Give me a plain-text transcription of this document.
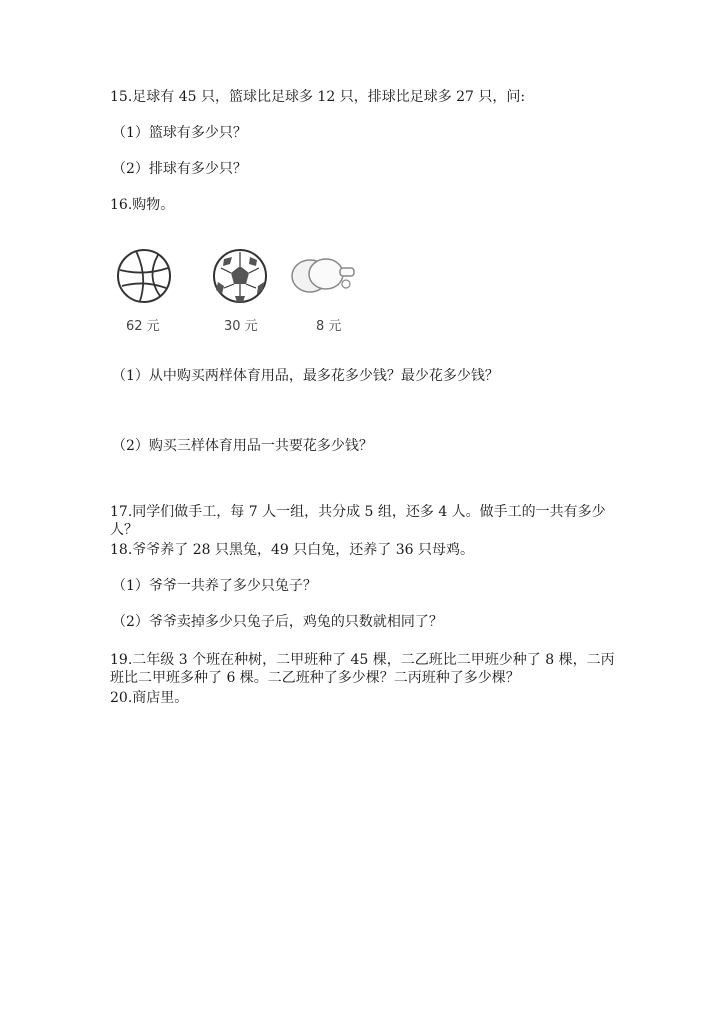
15.足球有 45 只，篮球比足球多 12 只，排球比足球多 27 只，问:
（1）篮球有多少只？
（2）排球有多少只？
16.购物。
62 元	30 元	8 元
（1）从中购买两样体育用品，最多花多少钱？最少花多少钱？
（2）购买三样体育用品一共要花多少钱？
17.同学们做手工，每 7 人一组，共分成 5 组，还多 4 人。做手工的一共有多少人？
18.爷爷养了 28 只黑兔，49 只白兔，还养了 36 只母鸡。
（1）爷爷一共养了多少只兔子？
（2）爷爷卖掉多少只兔子后，鸡兔的只数就相同了？
19.二年级 3 个班在种树，二甲班种了 45 棵，二乙班比二甲班少种了 8 棵，二丙班比二甲班多种了 6 棵。二乙班种了多少棵？二丙班种了多少棵？
20.商店里。
